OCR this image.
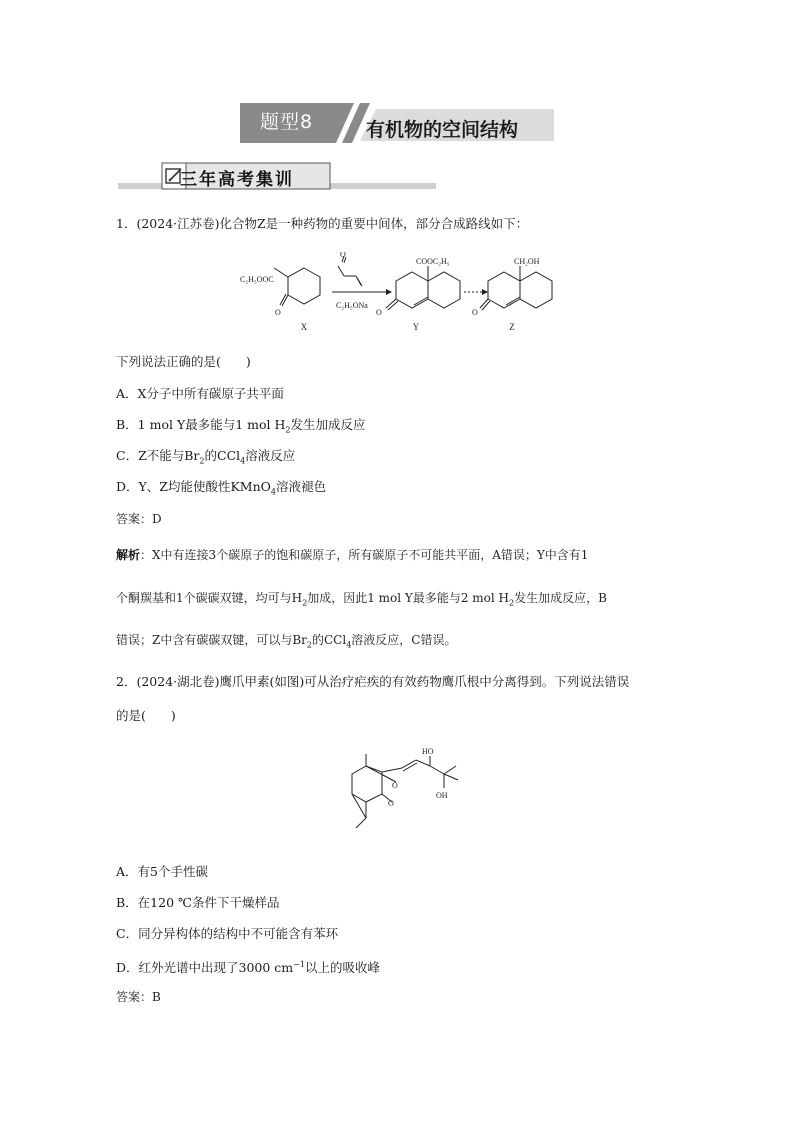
题型8	有机物的空间结构
三年高考集训
1．(2024·江苏卷)化合物Z是一种药物的重要中间体，部分合成路线如下：
C₂H₅OOC
O
X
O
C₂H₅ONa
COOC₂H₅
O
Y
CH₂OH
O
Z
下列说法正确的是(　　)
A．X分子中所有碳原子共平面
B．1 mol Y最多能与1 mol $H_2$发生加成反应
C．Z不能与$Br_2$的CCl$_4$溶液反应
D．Y、Z均能使酸性KMnO$_4$溶液褪色
答案：D
解析：X中有连接3个碳原子的饱和碳原子，所有碳原子不可能共平面，A错误；Y中含有1
个酮羰基和1个碳碳双键，均可与$H_2$加成，因此1 mol Y最多能与2 mol $H_2$发生加成反应，B
错误；Z中含有碳碳双键，可以与$Br_2$的CCl$_4$溶液反应，C错误。
2．(2024·湖北卷)鹰爪甲素(如图)可从治疗疟疾的有效药物鹰爪根中分离得到。下列说法错误
的是(　　)
HO
OH
O
O
A．有5个手性碳
B．在120 ℃条件下干燥样品
C．同分异构体的结构中不可能含有苯环
D．红外光谱中出现了3000 $cm^{-1}$以上的吸收峰
答案：B
